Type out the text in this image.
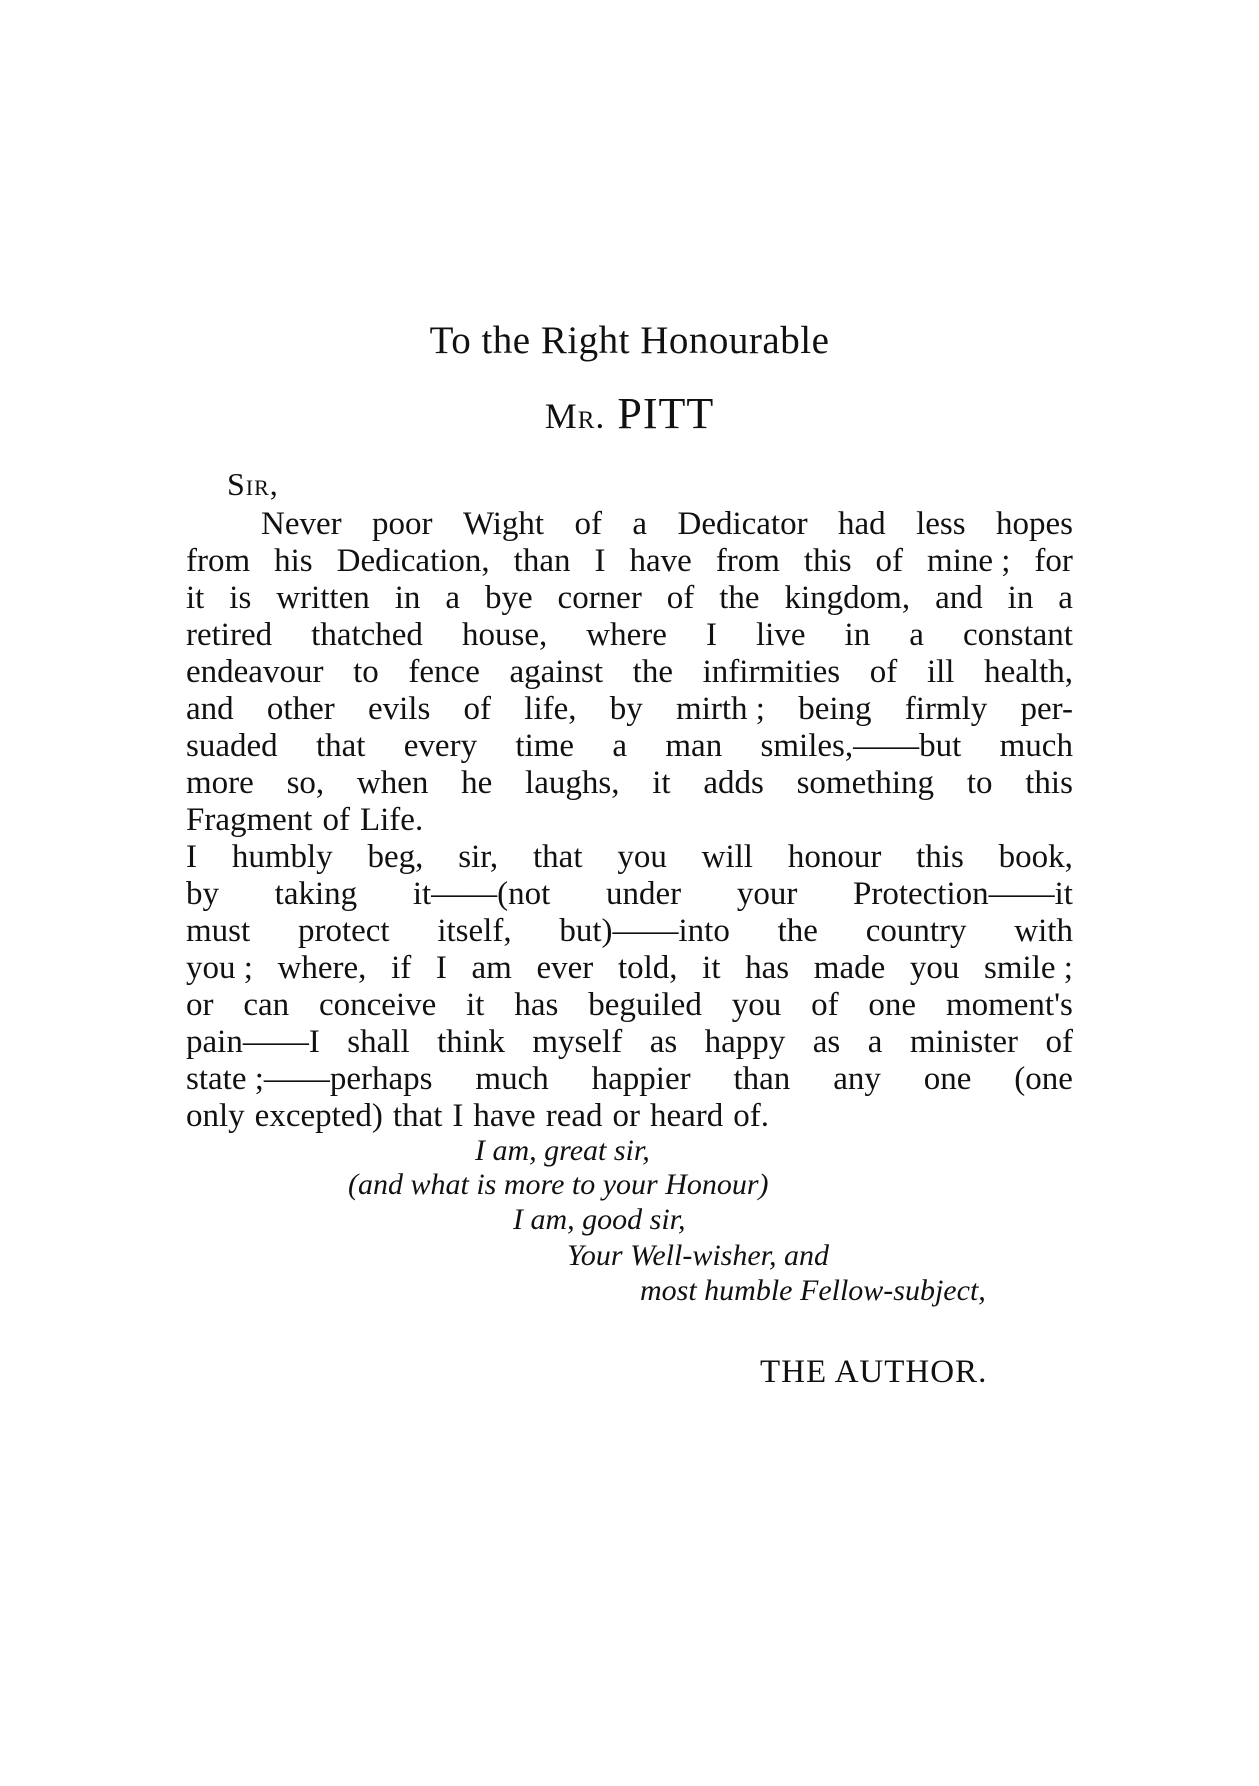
To the Right Honourable
Mr. PITT
Sir,
Never poor Wight of a Dedicator had less hopes
from his Dedication, than I have from this of mine ; for
it is written in a bye corner of the kingdom, and in a
retired thatched house, where I live in a constant
endeavour to fence against the infirmities of ill health,
and other evils of life, by mirth ; being firmly per-
suaded that every time a man smiles,——but much
more so, when he laughs, it adds something to this
Fragment of Life.
I humbly beg, sir, that you will honour this book,
by taking it——(not under your Protection——it
must protect itself, but)——into the country with
you ; where, if I am ever told, it has made you smile ;
or can conceive it has beguiled you of one moment's
pain——I shall think myself as happy as a minister of
state ;——perhaps much happier than any one (one
only excepted) that I have read or heard of.
I am, great sir,
(and what is more to your Honour)
I am, good sir,
Your Well-wisher, and
most humble Fellow-subject,
THE AUTHOR.
